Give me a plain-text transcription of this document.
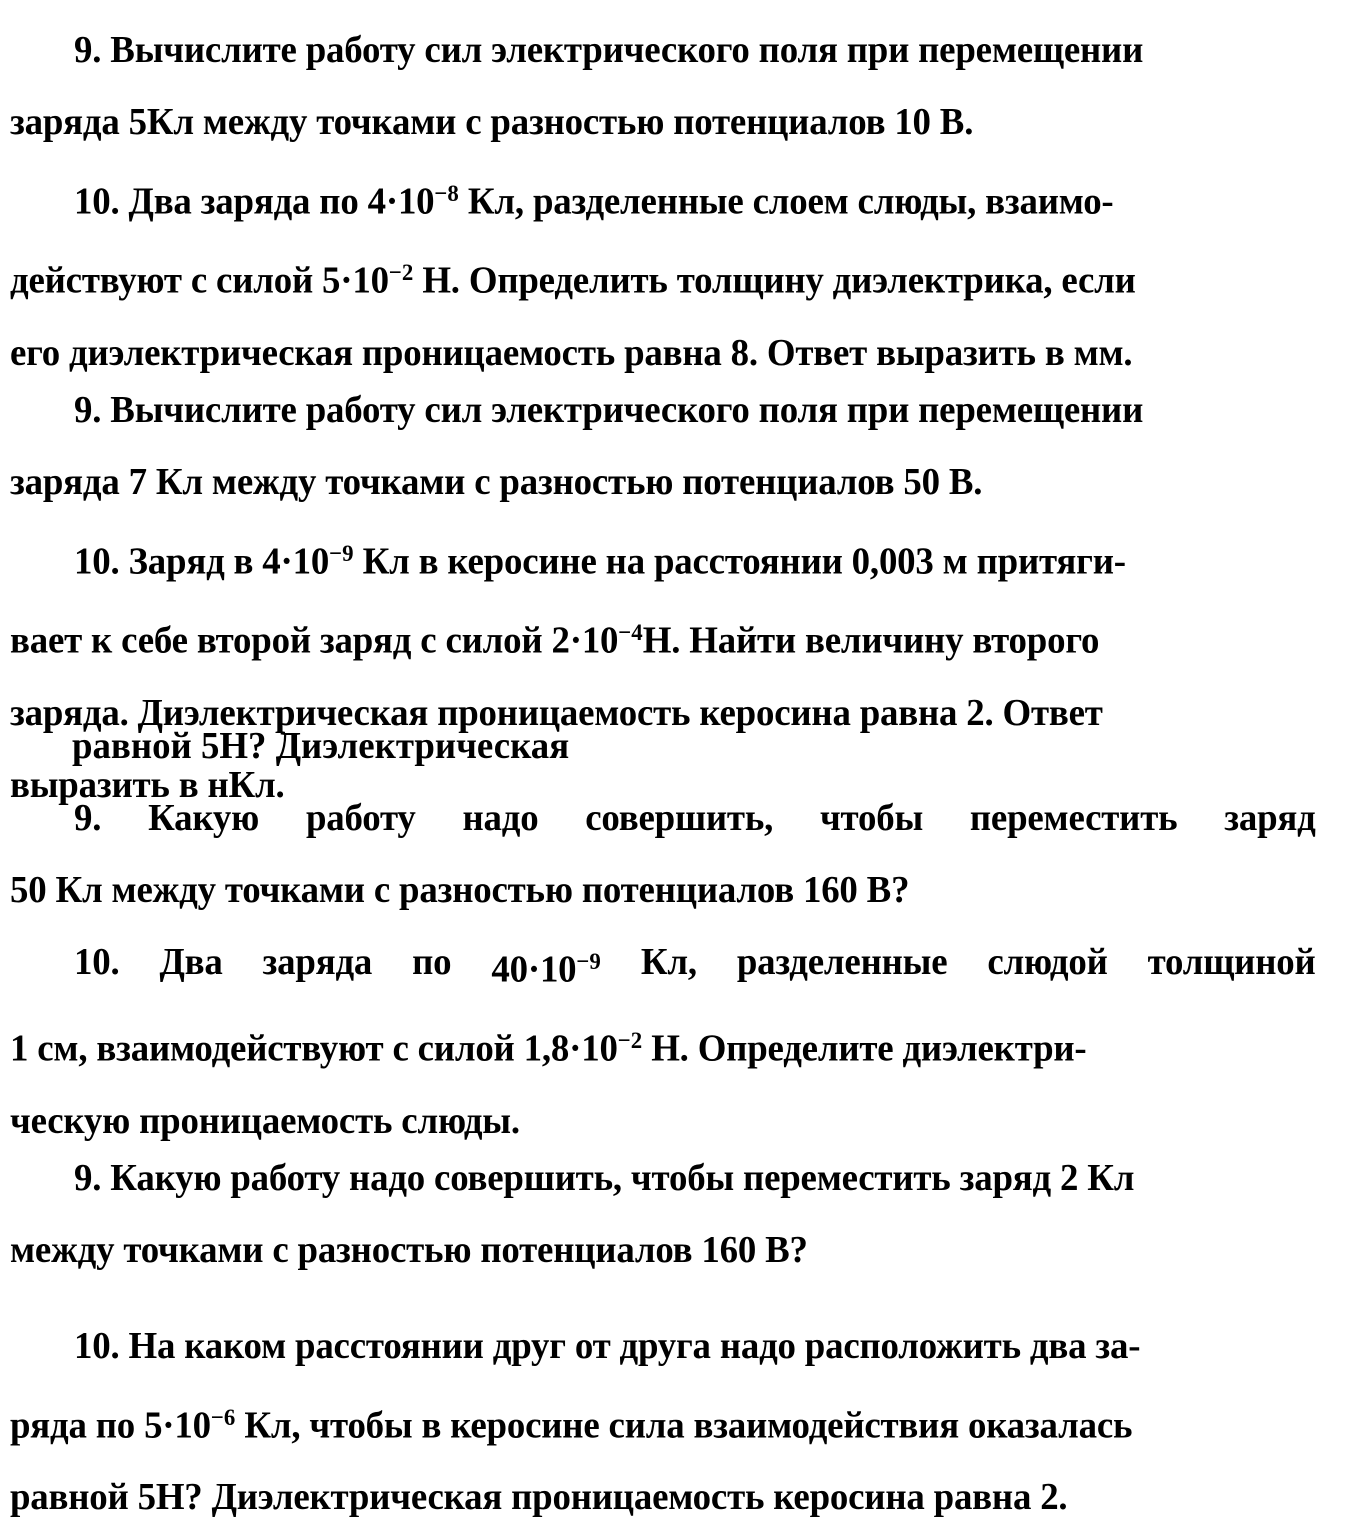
9. Вычислите работу сил электрического поля при перемещении
заряда 5Кл между точками с разностью потенциалов 10 В.
10. Два заряда по $4\cdot 10^{-8}$ Кл, разделенные слоем слюды, взаимо-
действуют с силой $5\cdot 10^{-2}$ Н. Определить толщину диэлектрика, если
его диэлектрическая проницаемость равна 8. Ответ выразить в мм.
9. Вычислите работу сил электрического поля при перемещении
заряда 7 Кл между точками с разностью потенциалов 50 В.
10. Заряд в $4\cdot 10^{-9}$ Кл в керосине на расстоянии 0,003 м притяги-
вает к себе второй заряд с силой $2\cdot 10^{-4}Н$. Найти величину второго
заряда. Диэлектрическая проницаемость керосина равна 2. Ответ
выразить в нКл.
равной 5Н? Диэлектрическая
9. Какую работу надо совершить, чтобы переместить заряд
50 Кл между точками с разностью потенциалов 160 В?
10. Два заряда по $40\cdot 10^{-9}$ Кл, разделенные слюдой толщиной
1 см, взаимодействуют с силой $1,8\cdot 10^{-2}$ Н. Определите диэлектри-
ческую проницаемость слюды.
9. Какую работу надо совершить, чтобы переместить заряд 2 Кл
между точками с разностью потенциалов 160 В?
10. На каком расстоянии друг от друга надо расположить два за-
ряда по $5\cdot 10^{-6}$ Кл, чтобы в керосине сила взаимодействия оказалась
равной 5Н? Диэлектрическая проницаемость керосина равна 2.
